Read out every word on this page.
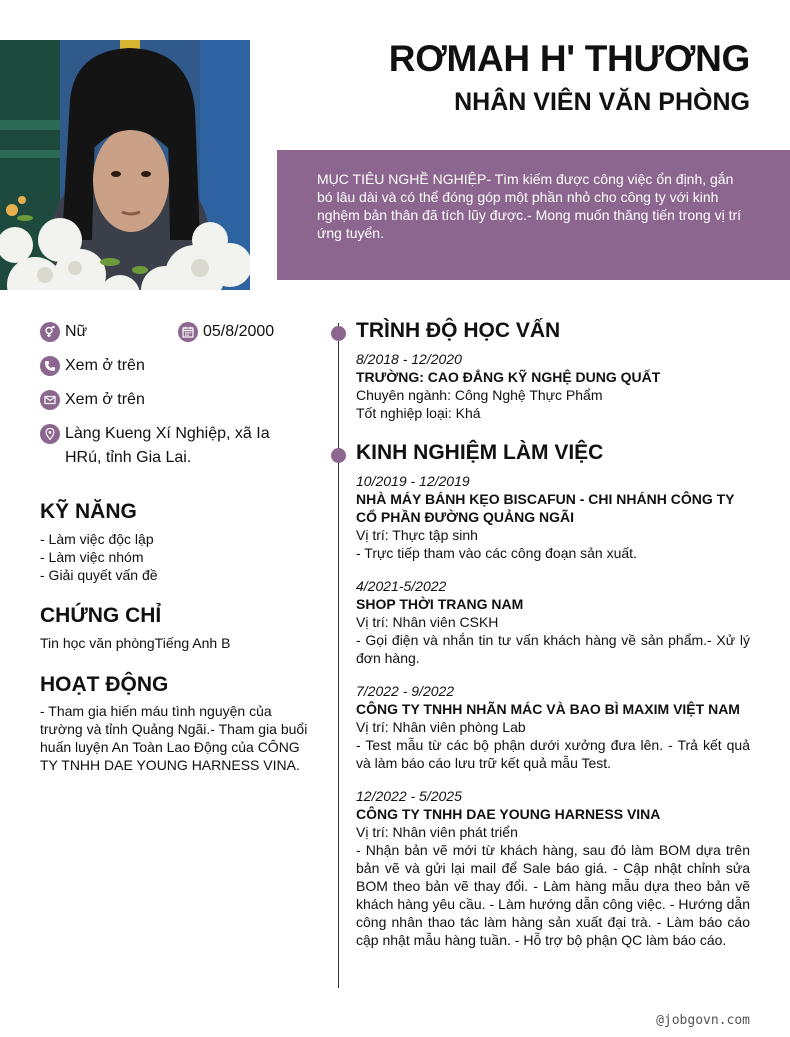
RƠMAH H' THƯƠNG
NHÂN VIÊN VĂN PHÒNG
MỤC TIÊU NGHỀ NGHIỆP- Tìm kiếm được công việc ổn định, gắn bó lâu dài và có thể đóng góp một phần nhỏ cho công ty với kinh nghệm bản thân đã tích lũy được.- Mong muốn thăng tiến trong vị trí ứng tuyển.
Nữ	05/8/2000
Xem ở trên
Xem ở trên
Làng Kueng Xí Nghiệp, xã Ia HRú, tỉnh Gia Lai.
KỸ NĂNG
- Làm việc độc lập
- Làm việc nhóm
- Giải quyết vấn đề
CHỨNG CHỈ
Tin học văn phòngTiếng Anh B
HOẠT ĐỘNG
- Tham gia hiến máu tình nguyện của trường và tỉnh Quảng Ngãi.- Tham gia buổi huấn luyện An Toàn Lao Động của CÔNG TY TNHH DAE YOUNG HARNESS VINA.
TRÌNH ĐỘ HỌC VẤN
8/2018 - 12/2020
TRƯỜNG: CAO ĐẲNG KỸ NGHỆ DUNG QUẤT
Chuyên ngành: Công Nghệ Thực Phẩm
Tốt nghiệp loại: Khá
KINH NGHIỆM LÀM VIỆC
10/2019 - 12/2019
NHÀ MÁY BÁNH KẸO BISCAFUN - CHI NHÁNH CÔNG TY CỔ PHẦN ĐƯỜNG QUẢNG NGÃI
Vị trí: Thực tập sinh
- Trực tiếp tham vào các công đoạn sản xuất.
4/2021-5/2022
SHOP THỜI TRANG NAM
Vị trí: Nhân viên CSKH
- Gọi điện và nhắn tin tư vấn khách hàng về sản phẩm.- Xử lý đơn hàng.
7/2022 - 9/2022
CÔNG TY TNHH NHÃN MÁC VÀ BAO BÌ MAXIM VIỆT NAM
Vị trí: Nhân viên phòng Lab
- Test mẫu từ các bộ phận dưới xưởng đưa lên. - Trả kết quả và làm báo cáo lưu trữ kết quả mẫu Test.
12/2022 - 5/2025
CÔNG TY TNHH DAE YOUNG HARNESS VINA
Vị trí: Nhân viên phát triển
- Nhận bản vẽ mới từ khách hàng, sau đó làm BOM dựa trên bản vẽ và gửi lại mail để Sale báo giá. - Cập nhật chỉnh sửa BOM theo bản vẽ thay đổi. - Làm hàng mẫu dựa theo bản vẽ khách hàng yêu cầu. - Làm hướng dẫn công việc. - Hướng dẫn công nhân thao tác làm hàng sản xuất đại trà. - Làm báo cáo cập nhật mẫu hàng tuần. - Hỗ trợ bộ phận QC làm báo cáo.
@jobgovn.com
